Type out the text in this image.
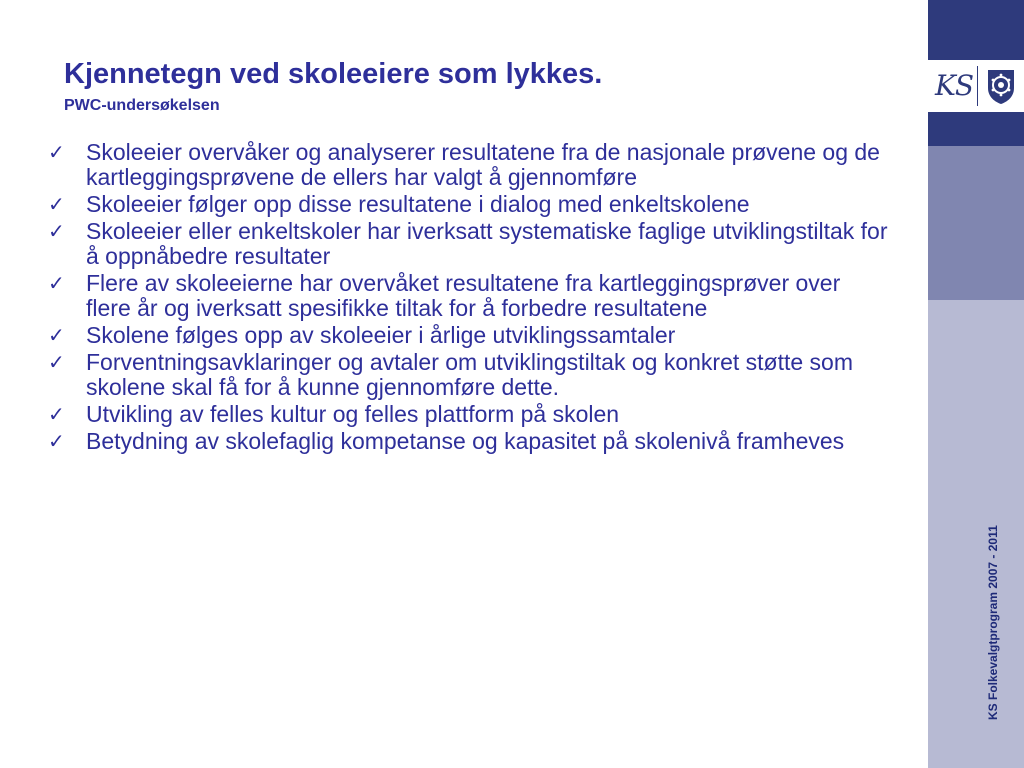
KS
KS Folkevalgtprogram 2007 - 2011
Kjennetegn ved skoleeiere som lykkes.
PWC-undersøkelsen
✓ Skoleeier overvåker og analyserer resultatene fra de nasjonale prøvene og de kartleggingsprøvene de ellers har valgt å gjennomføre
✓ Skoleeier følger opp disse resultatene i dialog med enkeltskolene
✓ Skoleeier eller enkeltskoler har iverksatt systematiske faglige utviklingstiltak for å oppnåbedre resultater
✓ Flere av skoleeierne har overvåket resultatene fra kartleggingsprøver over flere år og iverksatt spesifikke tiltak for å forbedre resultatene
✓ Skolene følges opp av skoleeier i årlige utviklingssamtaler
✓ Forventningsavklaringer og avtaler om utviklingstiltak og konkret støtte som skolene skal få for å kunne gjennomføre dette.
✓ Utvikling av felles kultur og felles plattform på skolen
✓ Betydning av skolefaglig kompetanse og kapasitet på skolenivå framheves
